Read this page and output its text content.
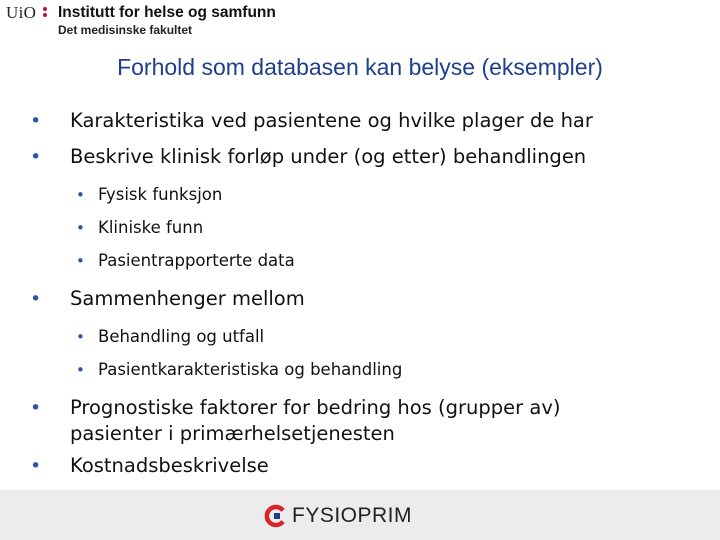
UiO Institutt for helse og samfunn
Det medisinske fakultet
Forhold som databasen kan belyse (eksempler)
• Karakteristika ved pasientene og hvilke plager de har
• Beskrive klinisk forløp under (og etter) behandlingen
• Fysisk funksjon
• Kliniske funn
• Pasientrapporterte data
• Sammenhenger mellom
• Behandling og utfall
• Pasientkarakteristiska og behandling
• Prognostiske faktorer for bedring hos (grupper av)
pasienter i primærhelsetjenesten
• Kostnadsbeskrivelse
FYSIOPRIM
